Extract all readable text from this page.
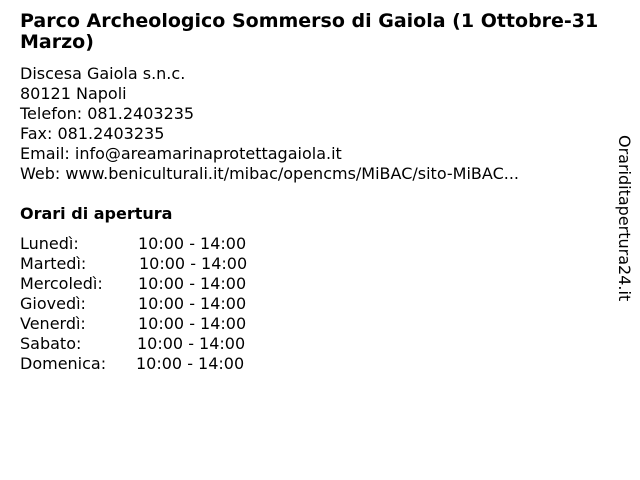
Parco Archeologico Sommerso di Gaiola (1 Ottobre-31 Marzo)
Discesa Gaiola s.n.c.
80121 Napoli
Telefon: 081.2403235
Fax: 081.2403235
Email: info@areamarinaprotettagaiola.it
Web: www.beniculturali.it/mibac/opencms/MiBAC/sito-MiBAC...
Orari di apertura
Lunedì:	10:00 - 14:00
Martedì:	10:00 - 14:00
Mercoledì: 10:00 - 14:00
Giovedì:	10:00 - 14:00
Venerdì:	10:00 - 14:00
Sabato:	10:00 - 14:00
Domenica: 10:00 - 14:00
Orariditapertura24.it
